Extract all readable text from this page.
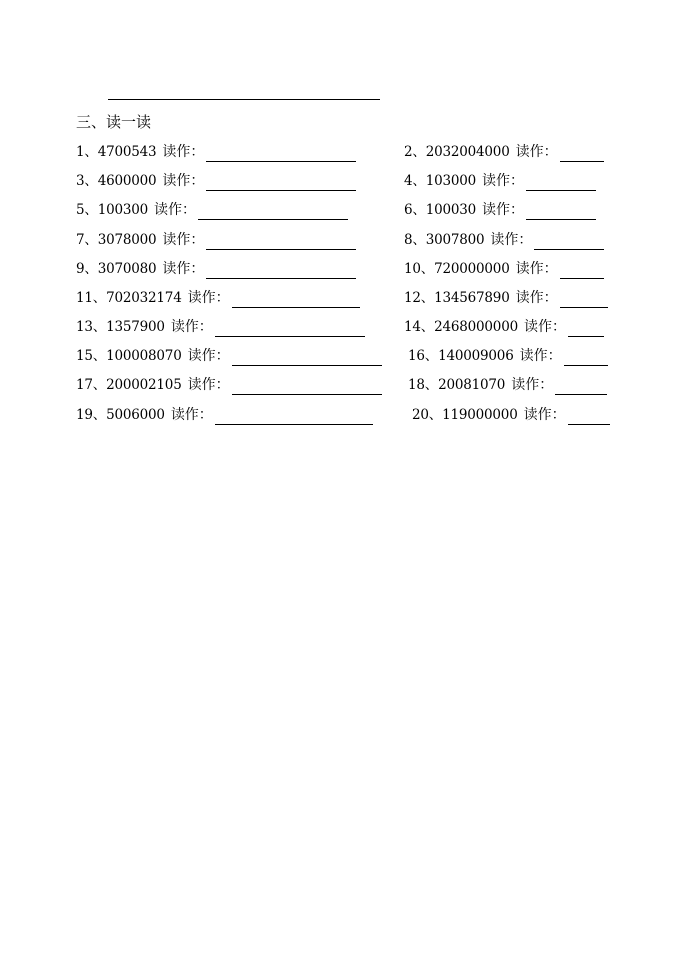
三、读一读
1、4700543 读作：	2、2032004000 读作：
3、4600000 读作：	4、103000 读作：
5、100300 读作：	6、100030 读作：
7、3078000 读作：	8、3007800 读作：
9、3070080 读作：	10、720000000 读作：
11、702032174 读作：	12、134567890 读作：
13、1357900 读作：	14、2468000000 读作：
15、100008070 读作：	16、140009006 读作：
17、200002105 读作：	18、20081070 读作：
19、5006000 读作：	20、119000000 读作：
